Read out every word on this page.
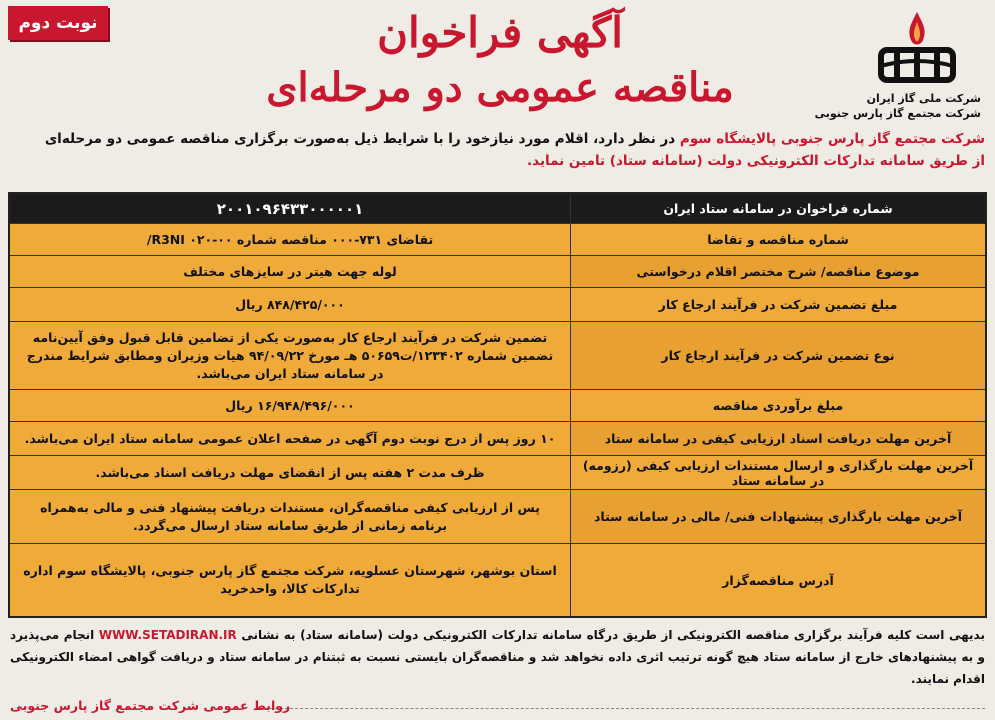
نوبت دوم	آگهی فراخوان
مناقصه عمومی دو مرحله‌ای	شرکت ملی گاز ایران
شرکت مجتمع گاز پارس جنوبی
شرکت مجتمع گاز پارس جنوبی پالایشگاه سوم در نظر دارد، اقلام مورد نیازخود را با شرایط ذیل به‌صورت برگزاری مناقصه عمومی دو مرحله‌ای
از طریق سامانه تدارکات الکترونیکی دولت (سامانه ستاد) تامین نماید.
شماره فراخوان در سامانه ستاد ایران
۲۰۰۱۰۹۶۴۳۳۰۰۰۰۰۱
شماره مناقصه و تقاضا
تقاضای ۷۳۱-۰۰۰ مناقصه شماره R3NI ۰۲۰-۰۰/
موضوع مناقصه/ شرح مختصر اقلام درخواستی
لوله جهت هیتر در سایزهای مختلف
مبلغ تضمین شرکت در فرآیند ارجاع کار
۸۴۸/۴۲۵/۰۰۰ ریال
نوع تضمین شرکت در فرآیند ارجاع کار
تضمین شرکت در فرآیند ارجاع کار به‌صورت یکی از تضامین قابل قبول وفق آیین‌نامه تضمین شماره ۱۲۳۴۰۲/ت۵۰۶۵۹ هـ مورخ ۹۴/۰۹/۲۲ هیات وزیران ومطابق شرایط مندرج در سامانه ستاد ایران می‌باشد.
مبلغ برآوردی مناقصه
۱۶/۹۴۸/۴۹۶/۰۰۰ ریال
آخرین مهلت دریافت اسناد ارزیابی کیفی در سامانه ستاد
۱۰ روز پس از درج نوبت دوم آگهی در صفحه اعلان عمومی سامانه ستاد ایران می‌باشد.
آخرین مهلت بارگذاری و ارسال مستندات ارزیابی کیفی (رزومه) در سامانه ستاد
ظرف مدت ۲ هفته پس از انقضای مهلت دریافت اسناد می‌باشد.
آخرین مهلت بارگذاری پیشنهادات فنی/ مالی در سامانه ستاد
پس از ارزیابی کیفی مناقصه‌گران، مستندات دریافت پیشنهاد فنی و مالی به‌همراه برنامه زمانی از طریق سامانه ستاد ارسال می‌گردد.
آدرس مناقصه‌گزار
استان بوشهر، شهرستان عسلویه، شرکت مجتمع گاز پارس جنوبی، پالایشگاه سوم اداره تدارکات کالا، واحدخرید
بدیهی است کلیه فرآیند برگزاری مناقصه الکترونیکی از طریق درگاه سامانه تدارکات الکترونیکی دولت (سامانه ستاد) به نشانی WWW.SETADIRAN.IR انجام می‌پذیرد و به پیشنهادهای خارج از سامانه ستاد هیچ گونه ترتیب اثری داده نخواهد شد و مناقصه‌گران بایستی نسبت به ثبتنام در سامانه ستاد و دریافت گواهی امضاء الکترونیکی اقدام نمایند.
روابط عمومی شرکت مجتمع گاز پارس جنوبی
